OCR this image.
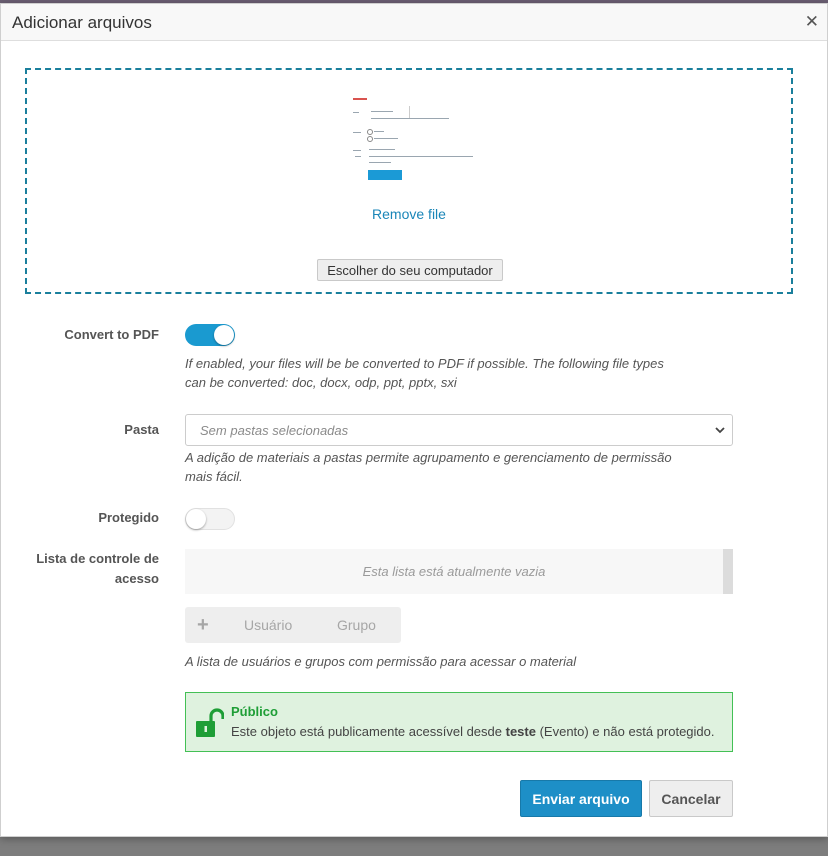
Adicionar arquivos	✕
Remove file
Escolher do seu computador
Convert to PDF
If enabled, your files will be be converted to PDF if possible. The following file types
can be converted: doc, docx, odp, ppt, pptx, sxi
Pasta	Sem pastas selecionadas
A adição de materiais a pastas permite agrupamento e gerenciamento de permissão
mais fácil.
Protegido
Lista de controle de
acesso	Esta lista está atualmente vazia
+	Usuário	Grupo
A lista de usuários e grupos com permissão para acessar o material
Público
Este objeto está publicamente acessível desde teste (Evento) e não está protegido.
Enviar arquivo	Cancelar
